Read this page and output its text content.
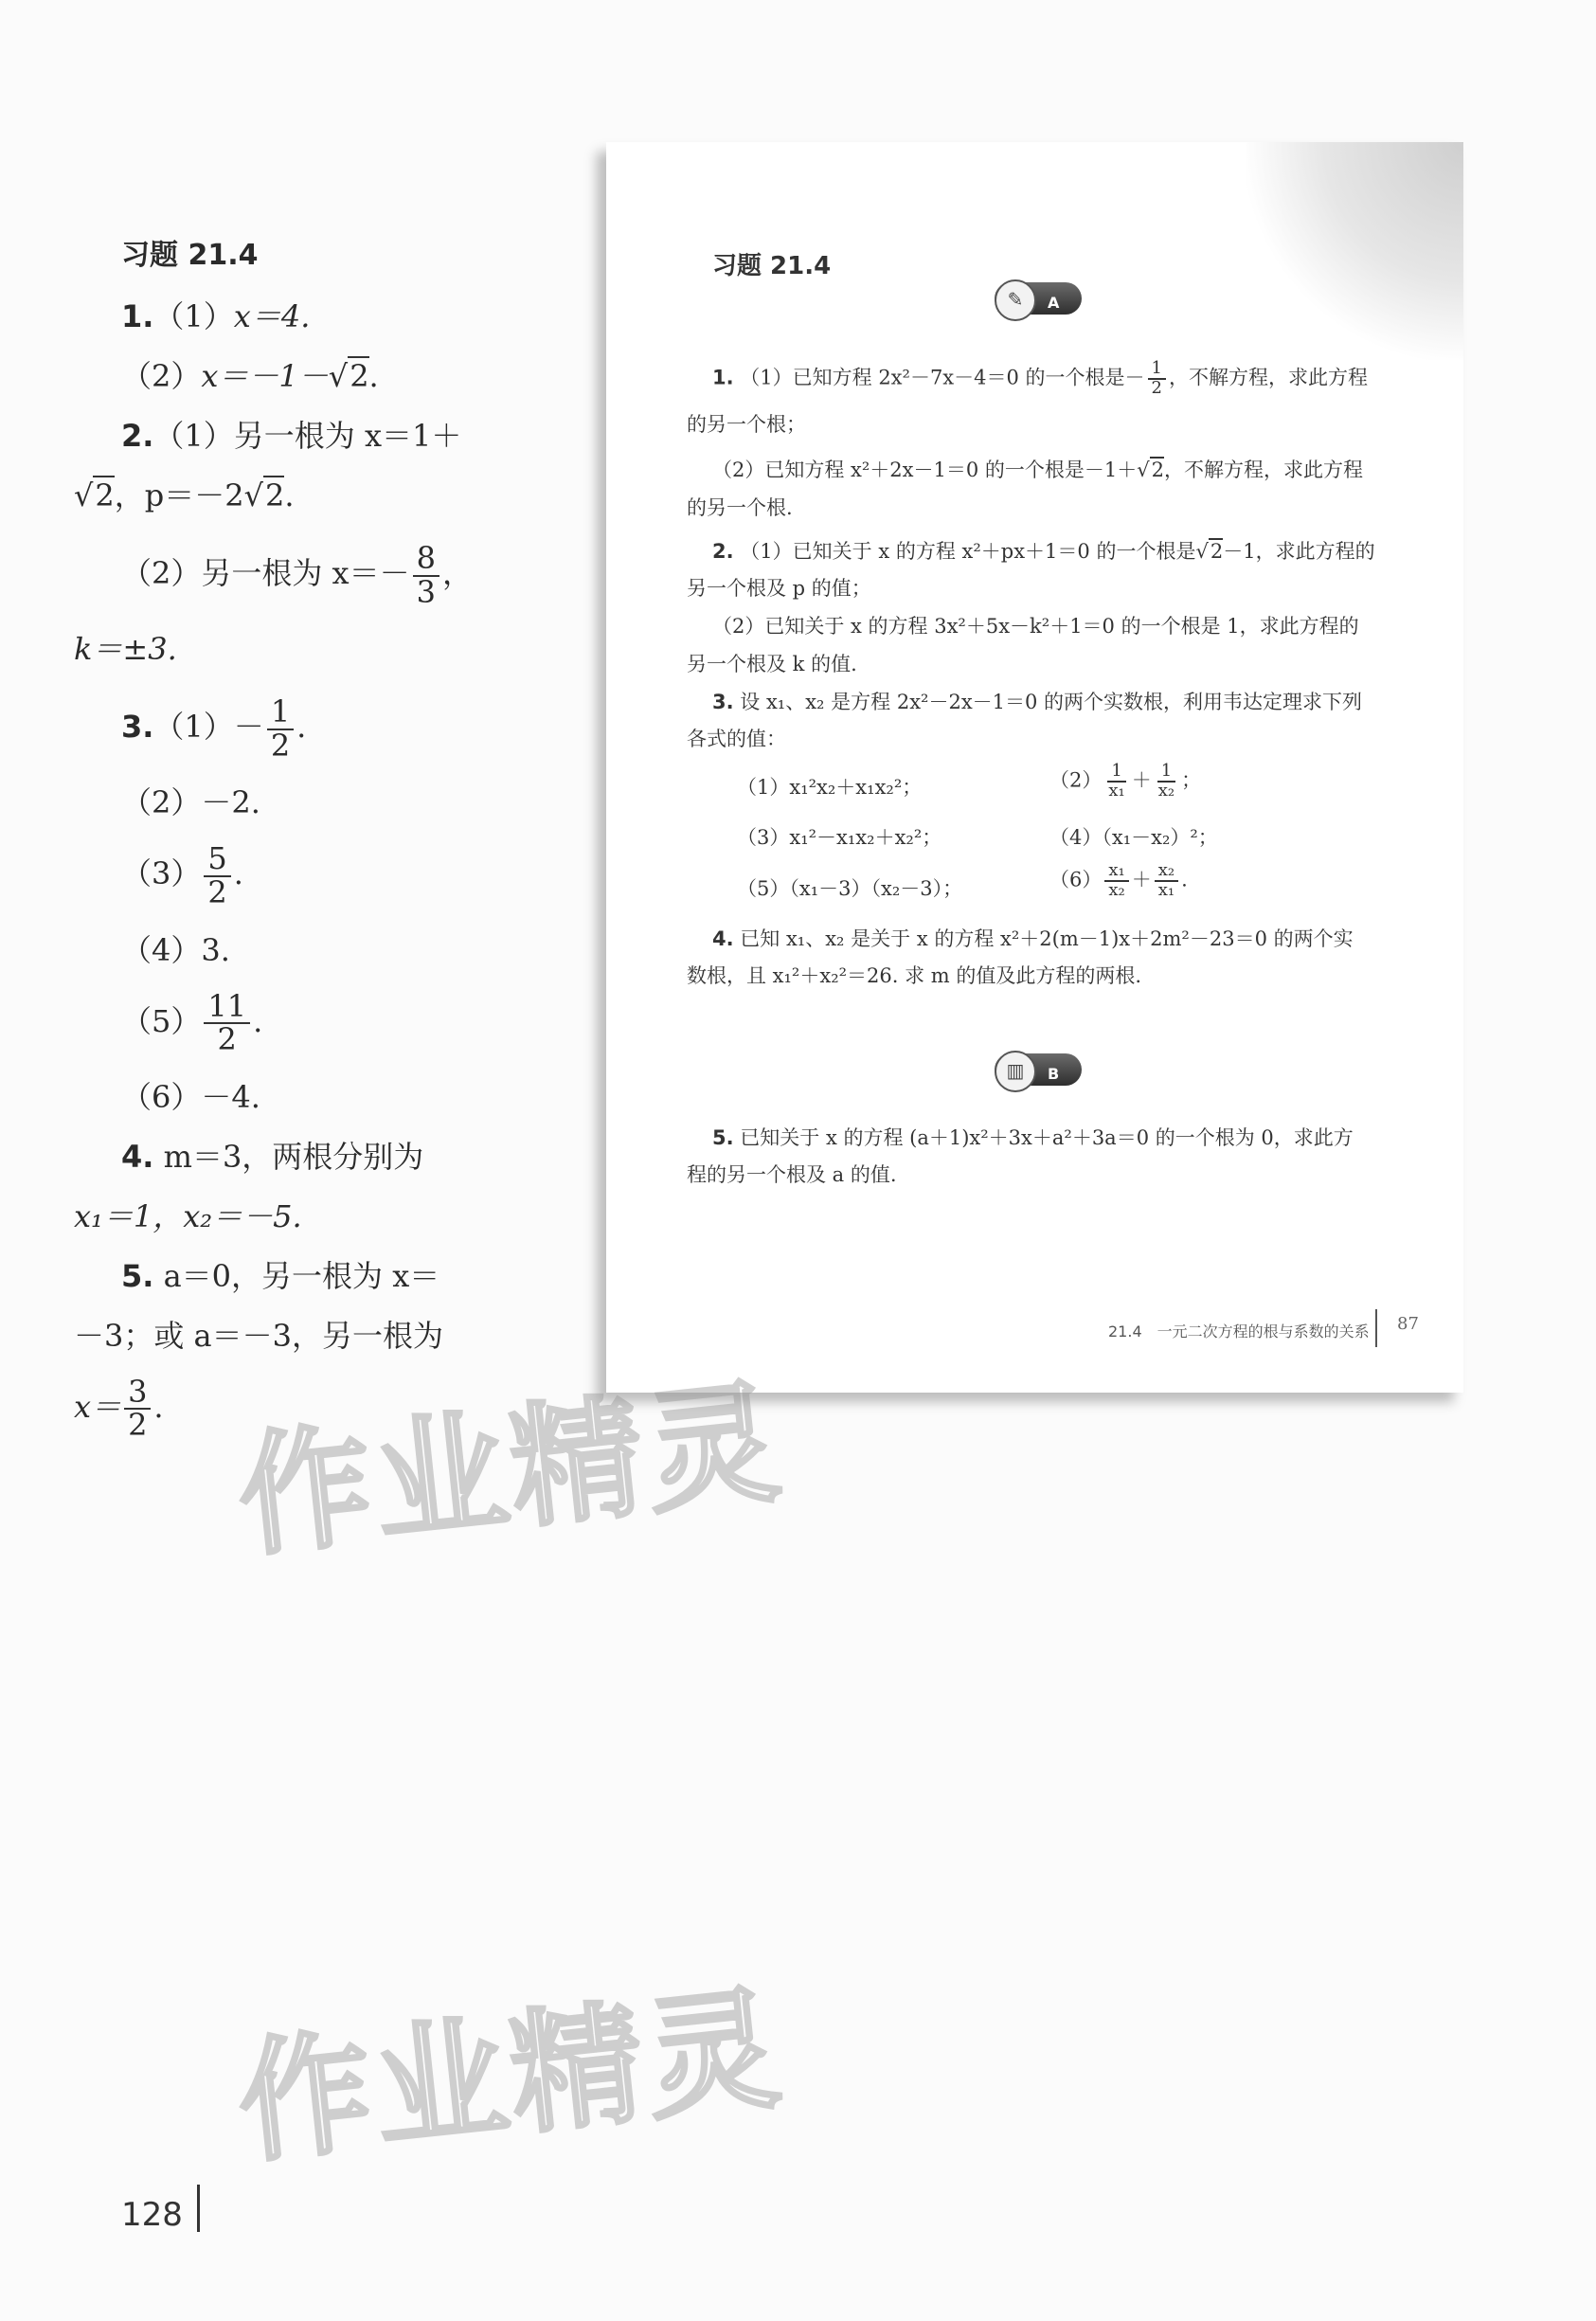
习题 21.4
1.（1）x＝4.
（2）x＝－1－√2.
2.（1）另一根为 x＝1＋
√2，p＝－2√2.
（2）另一根为 $x=- \frac{8}{3}$ ，
k＝±3.
$3.(1)- \frac{1}{2}$ .
（2）－2.
$(3) \frac{5}{2}$ .
（4）3.
$(5) \frac{11}{2}$ .
（6）－4.
4. m＝3，两根分别为
x₁＝1，x₂＝－5.
5. a＝0，另一根为 x＝
－3；或 a＝－3，另一根为
$x= \frac{3}{2}$ .
习题 21.4
✎	A
1. （1）已知方程 2x²－7x－4＝0 的一个根是－ $\frac{1}{2}$ ，不解方程，求此方程
的另一个根；
（2）已知方程 x²＋2x－1＝0 的一个根是－1＋√2，不解方程，求此方程
的另一个根.
2. （1）已知关于 x 的方程 x²＋px＋1＝0 的一个根是√2－1，求此方程的
另一个根及 p 的值；
（2）已知关于 x 的方程 3x²＋5x－k²＋1＝0 的一个根是 1，求此方程的
另一个根及 k 的值.
3. 设 x₁、x₂ 是方程 2x²－2x－1＝0 的两个实数根，利用韦达定理求下列
各式的值：
（1）x₁²x₂＋x₁x₂²；	$(2) \frac{1}{\text{x₁}} + \frac{1}{\text{x₂}}$ ；
（3）x₁²－x₁x₂＋x₂²；	（4）（x₁－x₂）²；
（5）（x₁－3）（x₂－3）；	$(6) \frac{\text{x₁}}{\text{x₂}} + \frac{\text{x₂}}{\text{x₁}}$ .
4. 已知 x₁、x₂ 是关于 x 的方程 x²＋2(m－1)x＋2m²－23＝0 的两个实
数根，且 x₁²＋x₂²＝26. 求 m 的值及此方程的两根.
▥	B
5. 已知关于 x 的方程 (a＋1)x²＋3x＋a²＋3a＝0 的一个根为 0，求此方
程的另一个根及 a 的值.
21.4　一元二次方程的根与系数的关系 87
作业精灵
作业精灵
128
